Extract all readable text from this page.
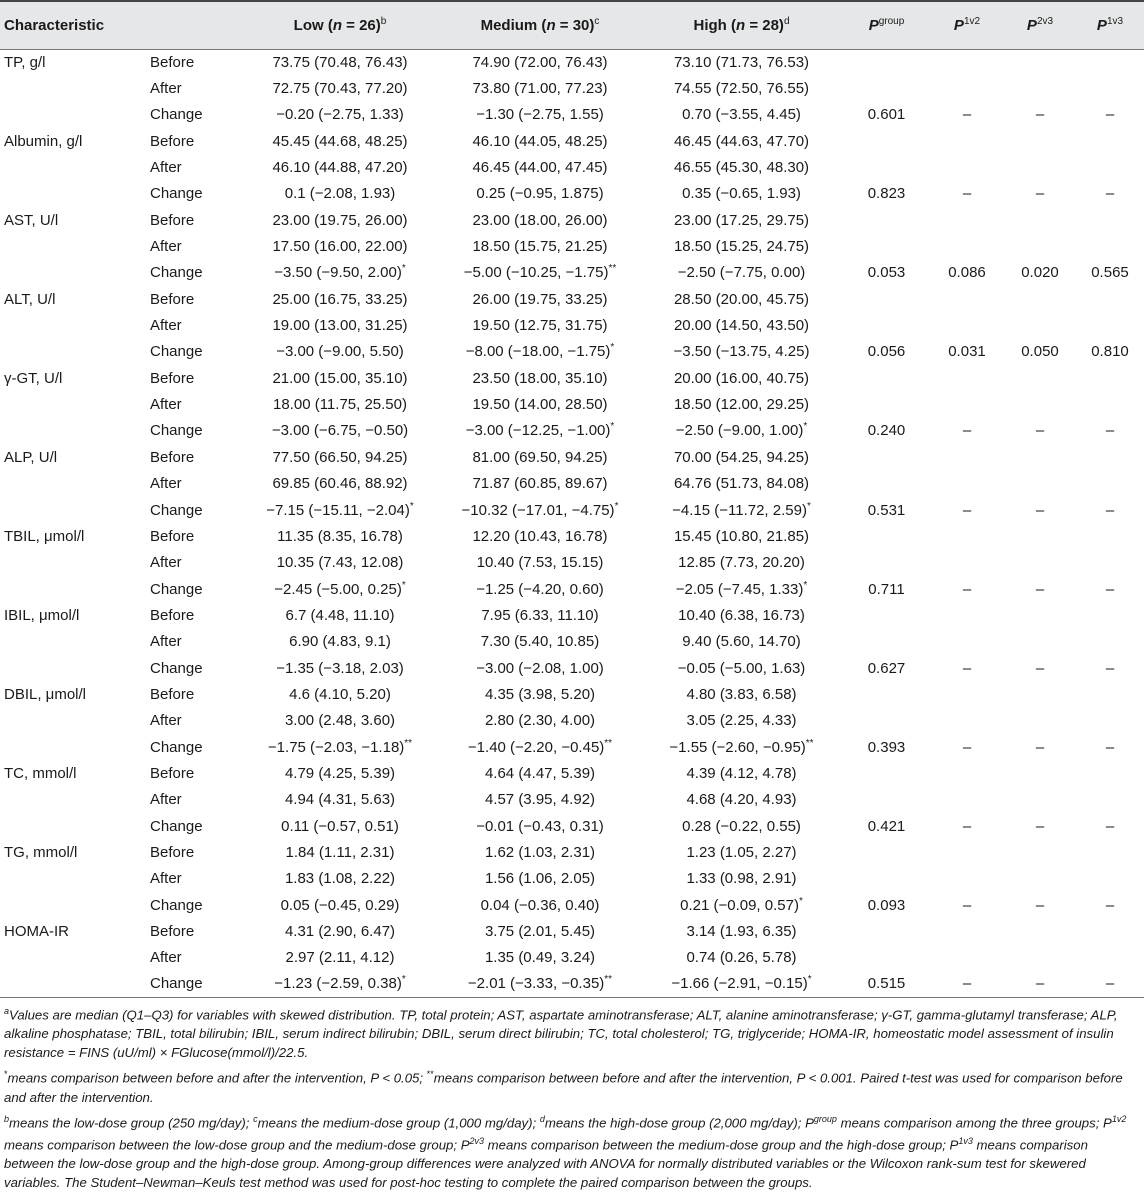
Characteristic		Low (n = 26)$^b$	Medium (n = 30)$^c$	High (n = 28)$^d$	$P^{group}$	$P^{1v2}$	$P^{2v3}$	$P^{1v3}$
TP, g/l	Before	73.75 (70.48, 76.43)	74.90 (72.00, 76.43)	73.10 (71.73, 76.53)				
	After	72.75 (70.43, 77.20)	73.80 (71.00, 77.23)	74.55 (72.50, 76.55)				
	Change	−0.20 (−2.75, 1.33)	−1.30 (−2.75, 1.55)	0.70 (−3.55, 4.45)	0.601	–	–	–
Albumin, g/l	Before	45.45 (44.68, 48.25)	46.10 (44.05, 48.25)	46.45 (44.63, 47.70)				
	After	46.10 (44.88, 47.20)	46.45 (44.00, 47.45)	46.55 (45.30, 48.30)				
	Change	0.1 (−2.08, 1.93)	0.25 (−0.95, 1.875)	0.35 (−0.65, 1.93)	0.823	–	–	–
AST, U/l	Before	23.00 (19.75, 26.00)	23.00 (18.00, 26.00)	23.00 (17.25, 29.75)				
	After	17.50 (16.00, 22.00)	18.50 (15.75, 21.25)	18.50 (15.25, 24.75)				
	Change	−3.50 (−9.50, 2.00)*	−5.00 (−10.25, −1.75)**	−2.50 (−7.75, 0.00)	0.053	0.086	0.020	0.565
ALT, U/l	Before	25.00 (16.75, 33.25)	26.00 (19.75, 33.25)	28.50 (20.00, 45.75)				
	After	19.00 (13.00, 31.25)	19.50 (12.75, 31.75)	20.00 (14.50, 43.50)				
	Change	−3.00 (−9.00, 5.50)	−8.00 (−18.00, −1.75)*	−3.50 (−13.75, 4.25)	0.056	0.031	0.050	0.810
γ-GT, U/l	Before	21.00 (15.00, 35.10)	23.50 (18.00, 35.10)	20.00 (16.00, 40.75)				
	After	18.00 (11.75, 25.50)	19.50 (14.00, 28.50)	18.50 (12.00, 29.25)				
	Change	−3.00 (−6.75, −0.50)	−3.00 (−12.25, −1.00)*	−2.50 (−9.00, 1.00)*	0.240	–	–	–
ALP, U/l	Before	77.50 (66.50, 94.25)	81.00 (69.50, 94.25)	70.00 (54.25, 94.25)				
	After	69.85 (60.46, 88.92)	71.87 (60.85, 89.67)	64.76 (51.73, 84.08)				
	Change	−7.15 (−15.11, −2.04)*	−10.32 (−17.01, −4.75)*	−4.15 (−11.72, 2.59)*	0.531	–	–	–
TBIL, μmol/l	Before	11.35 (8.35, 16.78)	12.20 (10.43, 16.78)	15.45 (10.80, 21.85)				
	After	10.35 (7.43, 12.08)	10.40 (7.53, 15.15)	12.85 (7.73, 20.20)				
	Change	−2.45 (−5.00, 0.25)*	−1.25 (−4.20, 0.60)	−2.05 (−7.45, 1.33)*	0.711	–	–	–
IBIL, μmol/l	Before	6.7 (4.48, 11.10)	7.95 (6.33, 11.10)	10.40 (6.38, 16.73)				
	After	6.90 (4.83, 9.1)	7.30 (5.40, 10.85)	9.40 (5.60, 14.70)				
	Change	−1.35 (−3.18, 2.03)	−3.00 (−2.08, 1.00)	−0.05 (−5.00, 1.63)	0.627	–	–	–
DBIL, μmol/l	Before	4.6 (4.10, 5.20)	4.35 (3.98, 5.20)	4.80 (3.83, 6.58)				
	After	3.00 (2.48, 3.60)	2.80 (2.30, 4.00)	3.05 (2.25, 4.33)				
	Change	−1.75 (−2.03, −1.18)**	−1.40 (−2.20, −0.45)**	−1.55 (−2.60, −0.95)**	0.393	–	–	–
TC, mmol/l	Before	4.79 (4.25, 5.39)	4.64 (4.47, 5.39)	4.39 (4.12, 4.78)				
	After	4.94 (4.31, 5.63)	4.57 (3.95, 4.92)	4.68 (4.20, 4.93)				
	Change	0.11 (−0.57, 0.51)	−0.01 (−0.43, 0.31)	0.28 (−0.22, 0.55)	0.421	–	–	–
TG, mmol/l	Before	1.84 (1.11, 2.31)	1.62 (1.03, 2.31)	1.23 (1.05, 2.27)				
	After	1.83 (1.08, 2.22)	1.56 (1.06, 2.05)	1.33 (0.98, 2.91)				
	Change	0.05 (−0.45, 0.29)	0.04 (−0.36, 0.40)	0.21 (−0.09, 0.57)*	0.093	–	–	–
HOMA-IR	Before	4.31 (2.90, 6.47)	3.75 (2.01, 5.45)	3.14 (1.93, 6.35)				
	After	2.97 (2.11, 4.12)	1.35 (0.49, 3.24)	0.74 (0.26, 5.78)				
	Change	−1.23 (−2.59, 0.38)*	−2.01 (−3.33, −0.35)**	−1.66 (−2.91, −0.15)*	0.515	–	–	–

$^a$Values are median (Q1–Q3) for variables with skewed distribution. TP, total protein; AST, aspartate aminotransferase; ALT, alanine aminotransferase; γ-GT, gamma-glutamyl transferase; ALP, alkaline phosphatase; TBIL, total bilirubin; IBIL, serum indirect bilirubin; DBIL, serum direct bilirubin; TC, total cholesterol; TG, triglyceride; HOMA-IR, homeostatic model assessment of insulin resistance = FINS (uU/ml) × FGlucose(mmol/l)/22.5.

*means comparison between before and after the intervention, P < 0.05; **means comparison between before and after the intervention, P < 0.001. Paired t-test was used for comparison before and after the intervention.

$^b$means the low-dose group (250 mg/day); $^c$means the medium-dose group (1,000 mg/day); $^d$means the high-dose group (2,000 mg/day); $P^{group}$ means comparison among the three groups; $P^{1v2}$ means comparison between the low-dose group and the medium-dose group; $P^{2v3}$ means comparison between the medium-dose group and the high-dose group; $P^{1v3}$ means comparison between the low-dose group and the high-dose group. Among-group differences were analyzed with ANOVA for normally distributed variables or the Wilcoxon rank-sum test for skewered variables. The Student–Newman–Keuls test method was used for post-hoc testing to complete the paired comparison between the groups.
